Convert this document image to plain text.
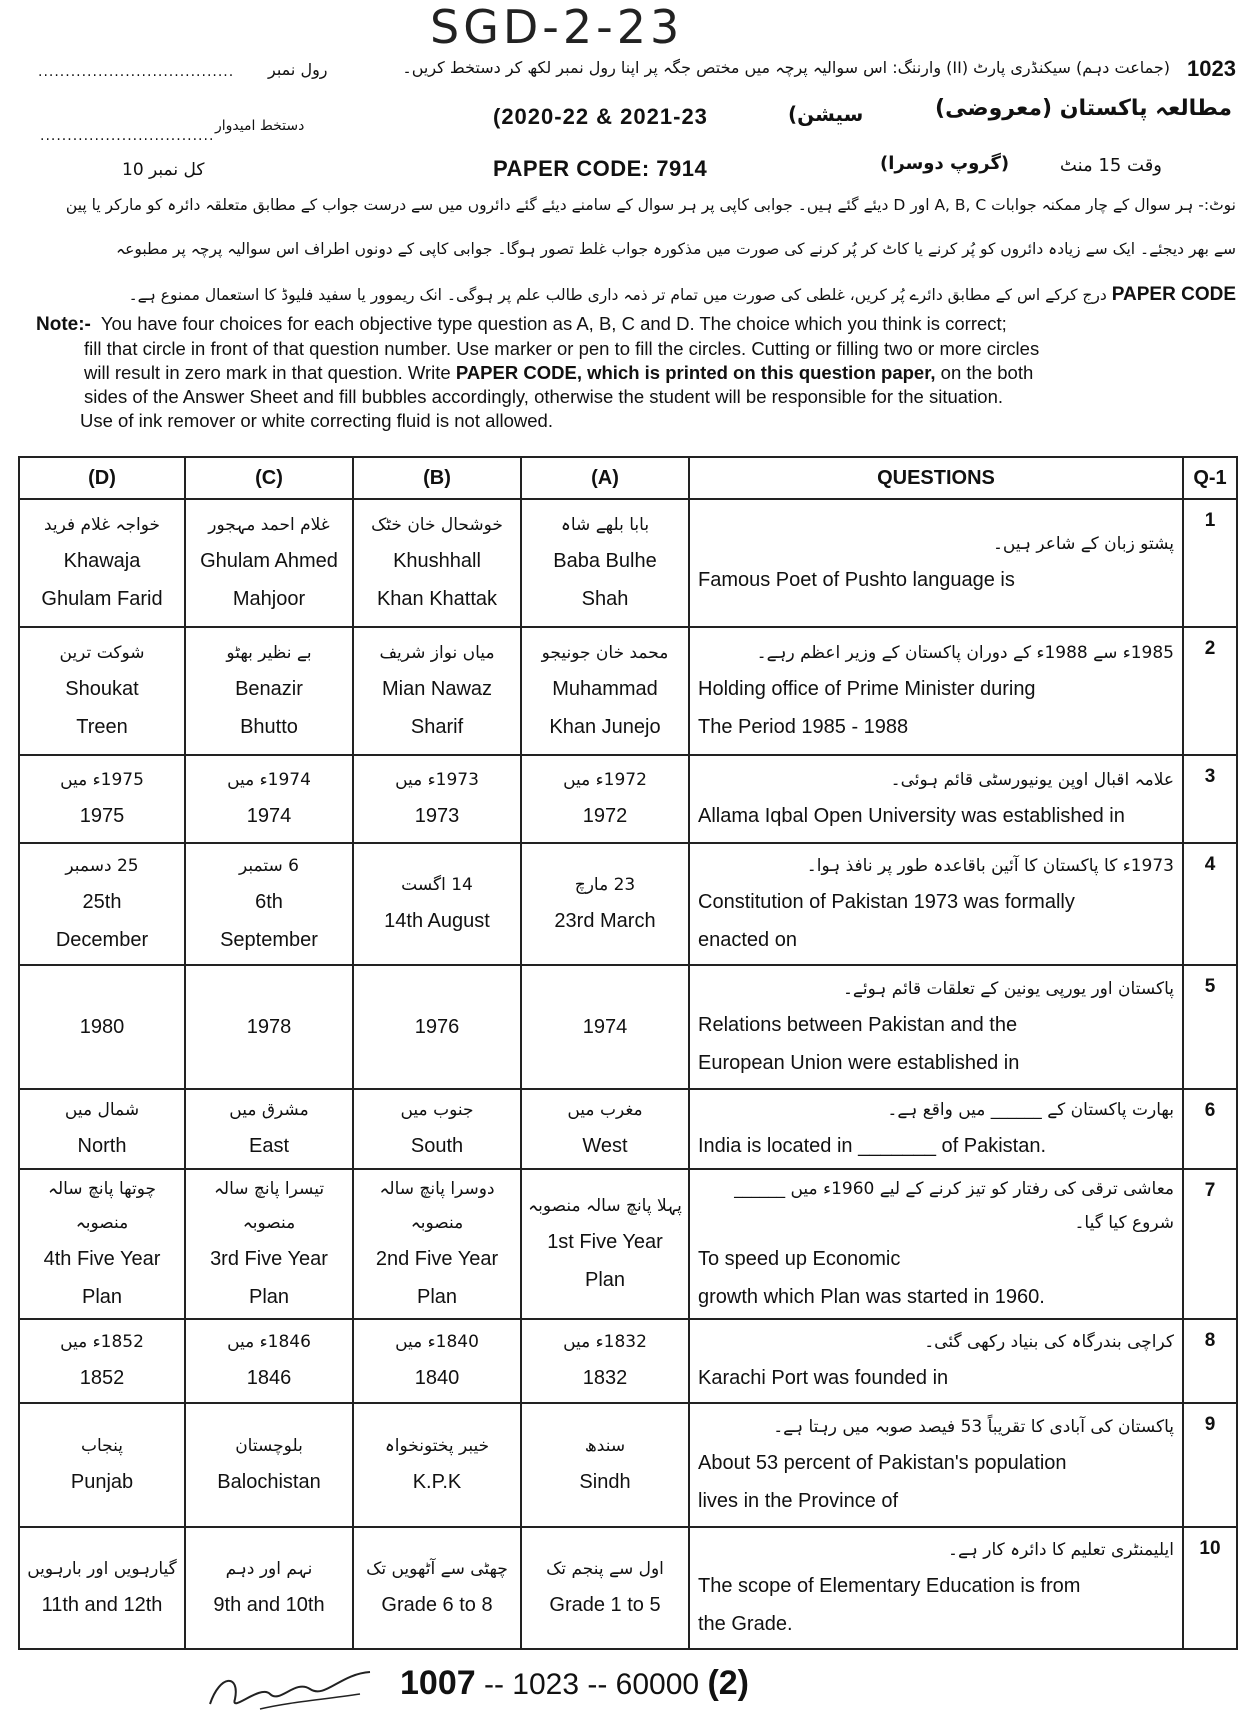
SGD-2-23
1023
(جماعت دہم) سیکنڈری پارٹ (II) وارننگ: اس سوالیہ پرچہ میں مختص جگہ پر اپنا رول نمبر لکھ کر دستخط کریں۔
رول نمبر
....................................
مطالعہ پاکستان (معروضی)
(2020-22 & 2021-23	سیشن)
دستخط امیدوار
................................
وقت 15 منٹ
(گروپ دوسرا)
PAPER CODE: 7914
کل نمبر 10
نوٹ:- ہر سوال کے چار ممکنہ جوابات A, B, C اور D دیئے گئے ہیں۔ جوابی کاپی پر ہر سوال کے سامنے دیئے گئے دائروں میں سے درست جواب کے مطابق متعلقہ دائرہ کو مارکر یا پین
سے بھر دیجئے۔ ایک سے زیادہ دائروں کو پُر کرنے یا کاٹ کر پُر کرنے کی صورت میں مذکورہ جواب غلط تصور ہوگا۔ جوابی کاپی کے دونوں اطراف اس سوالیہ پرچہ پر مطبوعہ
PAPER CODE درج کرکے اس کے مطابق دائرے پُر کریں، غلطی کی صورت میں تمام تر ذمہ داری طالب علم پر ہوگی۔ انک ریموور یا سفید فلیوڈ کا استعمال ممنوع ہے۔
Note:- You have four choices for each objective type question as A, B, C and D. The choice which you think is correct;
fill that circle in front of that question number. Use marker or pen to fill the circles. Cutting or filling two or more circles
will result in zero mark in that question. Write PAPER CODE, which is printed on this question paper, on the both
sides of the Answer Sheet and fill bubbles accordingly, otherwise the student will be responsible for the situation.
Use of ink remover or white correcting fluid is not allowed.
(D)	(C)	(B)	(A)	QUESTIONS	Q-1

خواجہ غلام فرید
Khawaja
Ghulam Farid	غلام احمد مہجور
Ghulam Ahmed
Mahjoor	خوشحال خان خٹک
Khushhall
Khan Khattak	بابا بلھے شاہ
Baba Bulhe
Shah	پشتو زبان کے شاعر ہیں۔
Famous Poet of Pushto language is	1

شوکت ترین
Shoukat
Treen	بے نظیر بھٹو
Benazir
Bhutto	میاں نواز شریف
Mian Nawaz
Sharif	محمد خان جونیجو
Muhammad
Khan Junejo	1985ء سے 1988ء کے دوران پاکستان کے وزیر اعظم رہے۔
Holding office of Prime Minister during
The Period 1985 - 1988	2

1975ء میں
1975	1974ء میں
1974	1973ء میں
1973	1972ء میں
1972	علامہ اقبال اوپن یونیورسٹی قائم ہوئی۔
Allama Iqbal Open University was established in	3

25 دسمبر
25th
December	6 ستمبر
6th
September	14 اگست
14th August	23 مارچ
23rd March	1973ء کا پاکستان کا آئین باقاعدہ طور پر نافذ ہوا۔
Constitution of Pakistan 1973 was formally
enacted on	4

1980	1978	1976	1974	پاکستان اور یورپی یونین کے تعلقات قائم ہوئے۔
Relations between Pakistan and the
European Union were established in	5

شمال میں
North	مشرق میں
East	جنوب میں
South	مغرب میں
West	بھارت پاکستان کے ______ میں واقع ہے۔
India is located in _______ of Pakistan.	6

چوتھا پانچ سالہ منصوبہ
4th Five Year
Plan	تیسرا پانچ سالہ منصوبہ
3rd Five Year
Plan	دوسرا پانچ سالہ منصوبہ
2nd Five Year
Plan	پہلا پانچ سالہ منصوبہ
1st Five Year
Plan	معاشی ترقی کی رفتار کو تیز کرنے کے لیے 1960ء میں ______ شروع کیا گیا۔
To speed up Economic
growth which Plan was started in 1960.	7

1852ء میں
1852	1846ء میں
1846	1840ء میں
1840	1832ء میں
1832	کراچی بندرگاہ کی بنیاد رکھی گئی۔
Karachi Port was founded in	8

پنجاب
Punjab	بلوچستان
Balochistan	خیبر پختونخواہ
K.P.K	سندھ
Sindh	پاکستان کی آبادی کا تقریباً 53 فیصد صوبہ میں رہتا ہے۔
About 53 percent of Pakistan's population
lives in the Province of	9

گیارہویں اور بارہویں
11th and 12th	نہم اور دہم
9th and 10th	چھٹی سے آٹھویں تک
Grade 6 to 8	اول سے پنجم تک
Grade 1 to 5	ایلیمنٹری تعلیم کا دائرہ کار ہے۔
The scope of Elementary Education is from
the Grade.	10
1007 -- 1023 -- 60000 (2)
